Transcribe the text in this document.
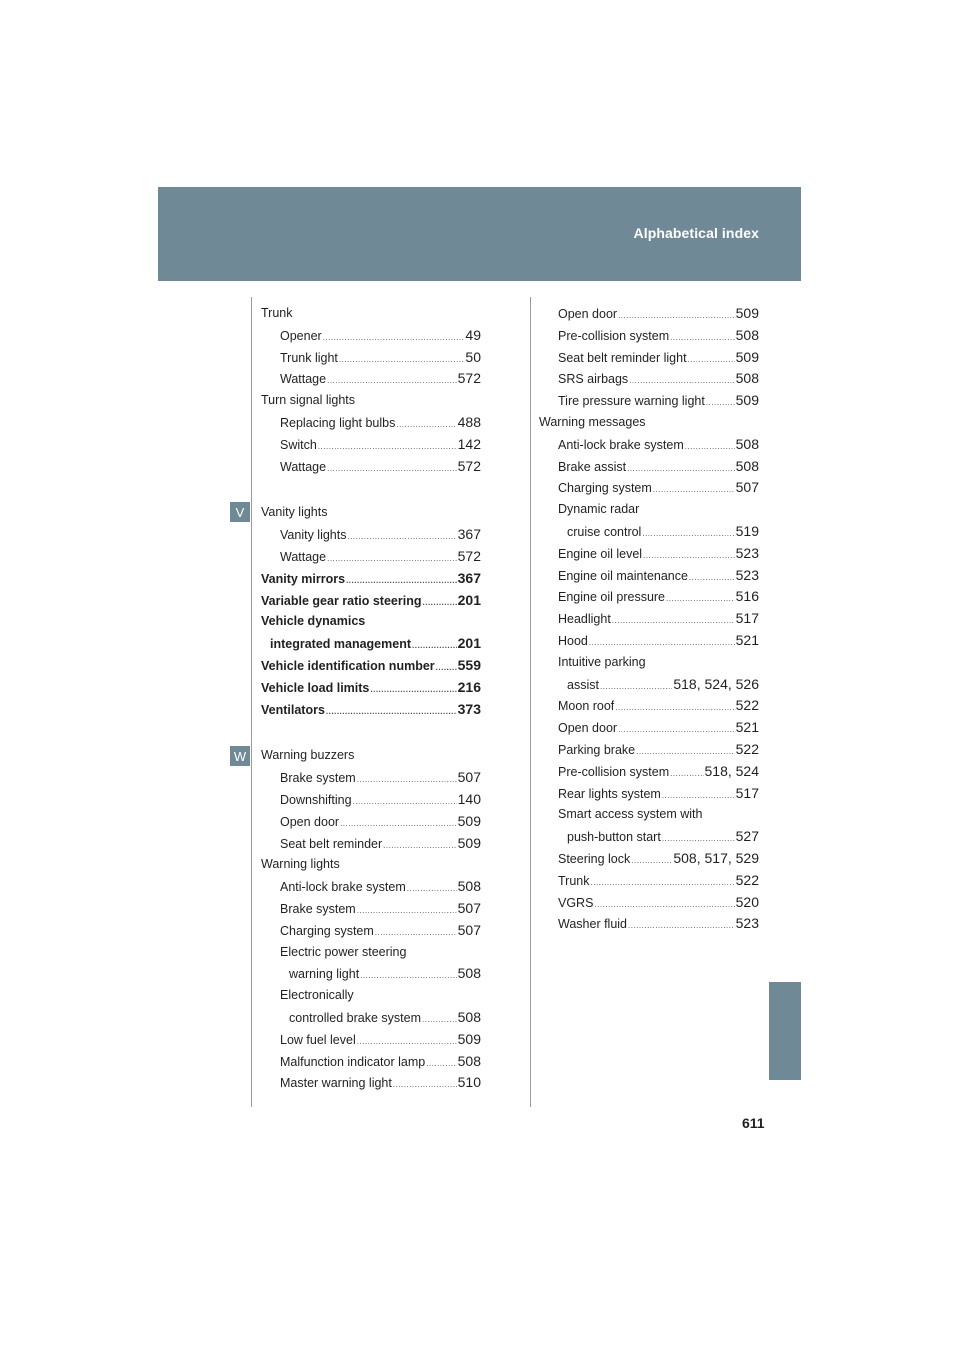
Alphabetical index
V
W
Trunk
Opener .....	49
Trunk light .....	50
Wattage .....	572
Turn signal lights
Replacing light bulbs .....	488
Switch .....	142
Wattage .....	572
Vanity lights
Vanity lights .....	367
Wattage .....	572
Vanity mirrors .....	367
Variable gear ratio steering .....	201
Vehicle dynamics
integrated management .....	201
Vehicle identification number ..... 559
Vehicle load limits .....	216
Ventilators .....	373
Warning buzzers
Brake system .....	507
Downshifting .....	140
Open door .....	509
Seat belt reminder .....	509
Warning lights
Anti-lock brake system .....	508
Brake system .....	507
Charging system .....	507
Electric power steering
warning light .....	508
Electronically
controlled brake system .....	508
Low fuel level .....	509
Malfunction indicator lamp ..... 508
Master warning light .....	510
Open door .....	509
Pre-collision system .....	508
Seat belt reminder light .....	509
SRS airbags .....	508
Tire pressure warning light ..... 509
Warning messages
Anti-lock brake system .....	508
Brake assist .....	508
Charging system .....	507
Dynamic radar
cruise control .....	519
Engine oil level .....	523
Engine oil maintenance .....	523
Engine oil pressure .....	516
Headlight .....	517
Hood .....	521
Intuitive parking
assist .....	518, 524, 526
Moon roof .....	522
Open door .....	521
Parking brake .....	522
Pre-collision system .....	518, 524
Rear lights system .....	517
Smart access system with
push-button start .....	527
Steering lock .....	508, 517, 529
Trunk .....	522
VGRS .....	520
Washer fluid .....	523
611
